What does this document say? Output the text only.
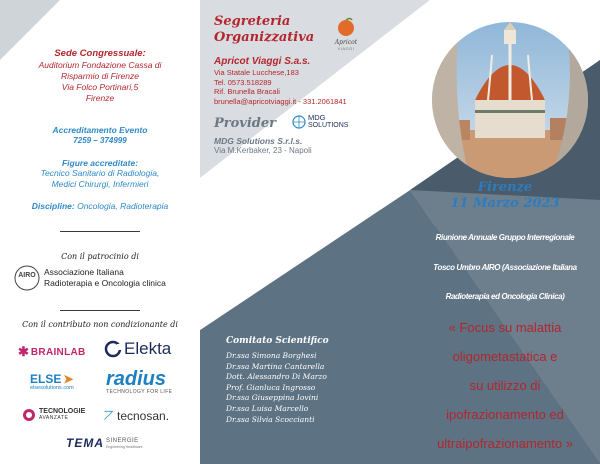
Sede Congressuale:
Auditorium Fondazione Cassa di
Risparmio di Firenze
Via Folco Portinari,5
Firenze
Accreditamento Evento
7259 – 374999
Figure accreditate:
Tecnico Sanitario di Radiologia,
Medici Chirurgi, Infermieri
Discipline: Oncologia, Radioterapia
Con il patrocinio di
AIRO Associazione Italiana
Radioterapia e Oncologia clinica
Con il contributo non condizionante di
✱ BRAINLAB Elekta
ELSE ➤
elsesolutions.com radius
TECHNOLOGY FOR LIFE
TECNOLOGIE
AVANZATE	⦢ tecnosan.
TEMA SINERGIE
Engineering Healthcare
Segreteria
Organizzativa	Apricot
VIAGGI
Apricot Viaggi S.a.s.
Via Statale Lucchese,183
Tel. 0573.518289
Rif. Brunella Bracali
brunella@apricotviaggi.it - 331.2061841
Provider	MDG
SOLUTIONS
MDG Solutions S.r.l.s.
Via M.Kerbaker, 23 - Napoli
Comitato Scientifico
Dr.ssa Simona Borghesi
Dr.ssa Martina Cantarella
Dott. Alessandro Di Marzo
Prof. Gianluca Ingrosso
Dr.ssa Giuseppina Iovini
Dr.ssa Luisa Marcello
Dr.ssa Silvia Scoccianti
Firenze
11 Marzo 2023
Riunione Annuale Gruppo Interregionale
Tosco Umbro AIRO (Associazione Italiana
Radioterapia ed Oncologia Clinica)
« Focus su malattia
oligometastatica e
su utilizzo di
ipofrazionamento ed
ultraipofrazionamento »
